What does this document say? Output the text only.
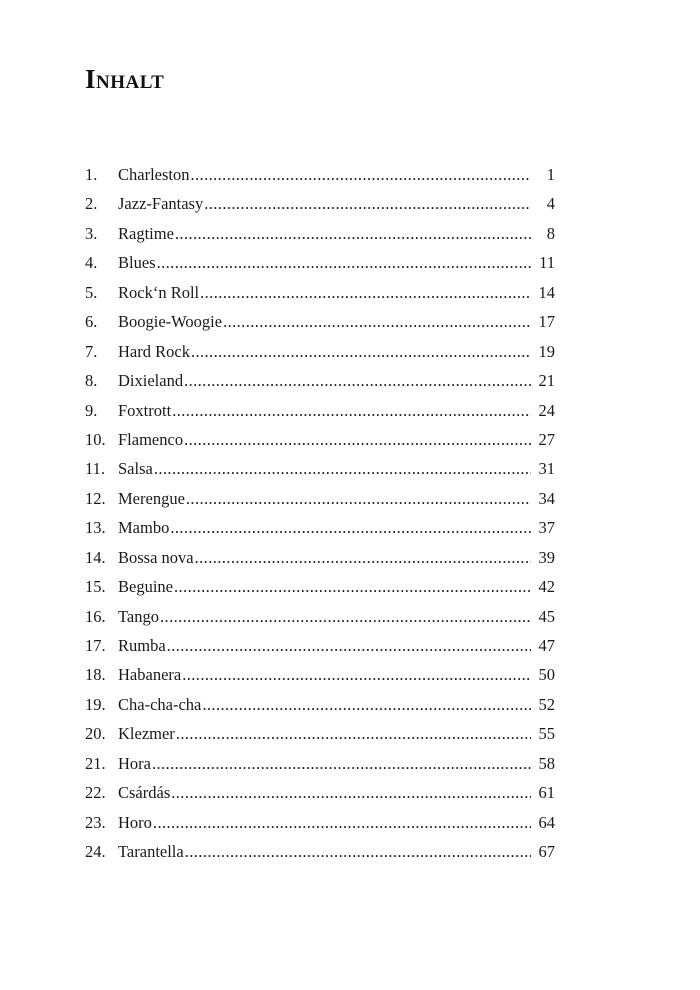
Inhalt
1.	Charleston .....	1
2.	Jazz-Fantasy .....	4
3.	Ragtime .....	8
4.	Blues .....	11
5.	Rock‘n Roll .....	14
6.	Boogie-Woogie .....	17
7.	Hard Rock .....	19
8.	Dixieland .....	21
9.	Foxtrott .....	24
10. Flamenco .....	27
11. Salsa .....	31
12. Merengue .....	34
13. Mambo .....	37
14. Bossa nova .....	39
15. Beguine .....	42
16. Tango .....	45
17. Rumba .....	47
18. Habanera .....	50
19. Cha-cha-cha .....	52
20. Klezmer .....	55
21. Hora .....	58
22. Csárdás .....	61
23. Horo .....	64
24. Tarantella .....	67
